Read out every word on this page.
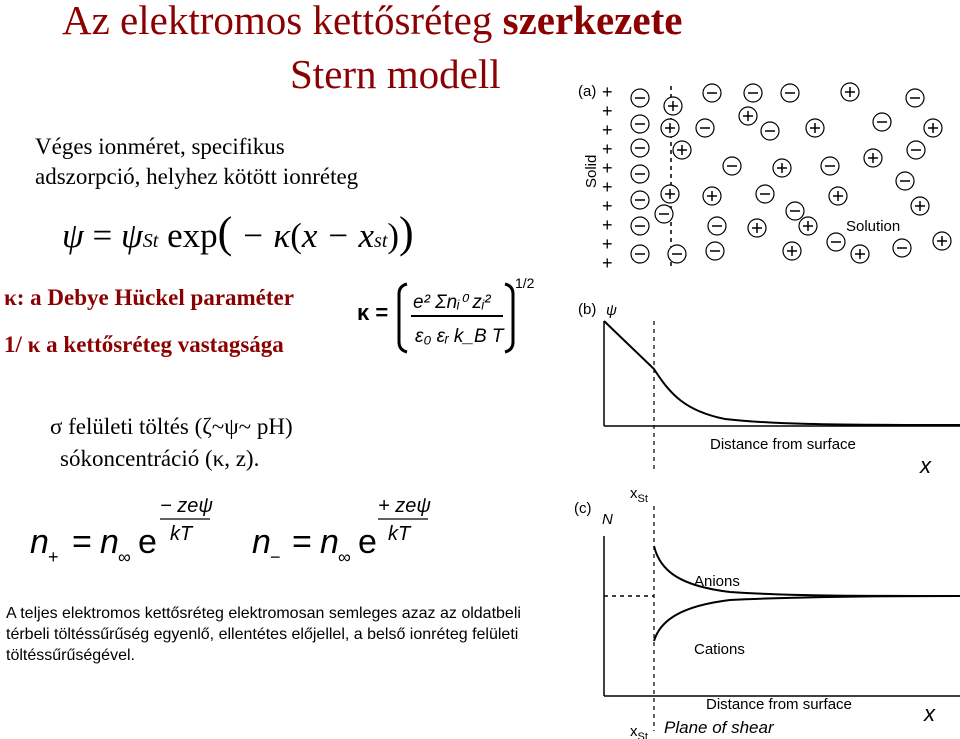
Az elektromos kettősréteg szerkezete
Stern modell
Véges ionméret, specifikus
adszorpció, helyhez kötött ionréteg
ψ = ψSt exp( − κ(x − xst))
κ: a Debye Hückel paraméter
1/ κ a kettősréteg vastagsága
κ = e² Σnᵢ⁰ zᵢ²
ε₀ εᵣ k_B T
1/2
σ felületi töltés (ζ~ψ~ pH)
sókoncentráció (κ, z).
n + = n ∞ e
− zeψ
kT n − = n ∞ e
+ zeψ
kT
A teljes elektromos kettősréteg elektromosan semleges azaz az oldatbeli térbeli töltéssűrűség egyenlő, ellentétes előjellel, a belső ionréteg felületi töltéssűrűségével.
(a)
Solid
+
+
+
+
+
+
+
+
+
+
Solution
(b) ψ
Distance from surface
x
$x_{St}$
(c)
N
Anions
Cations
Distance from surface	x
$x_{St}$ Plane of shear
